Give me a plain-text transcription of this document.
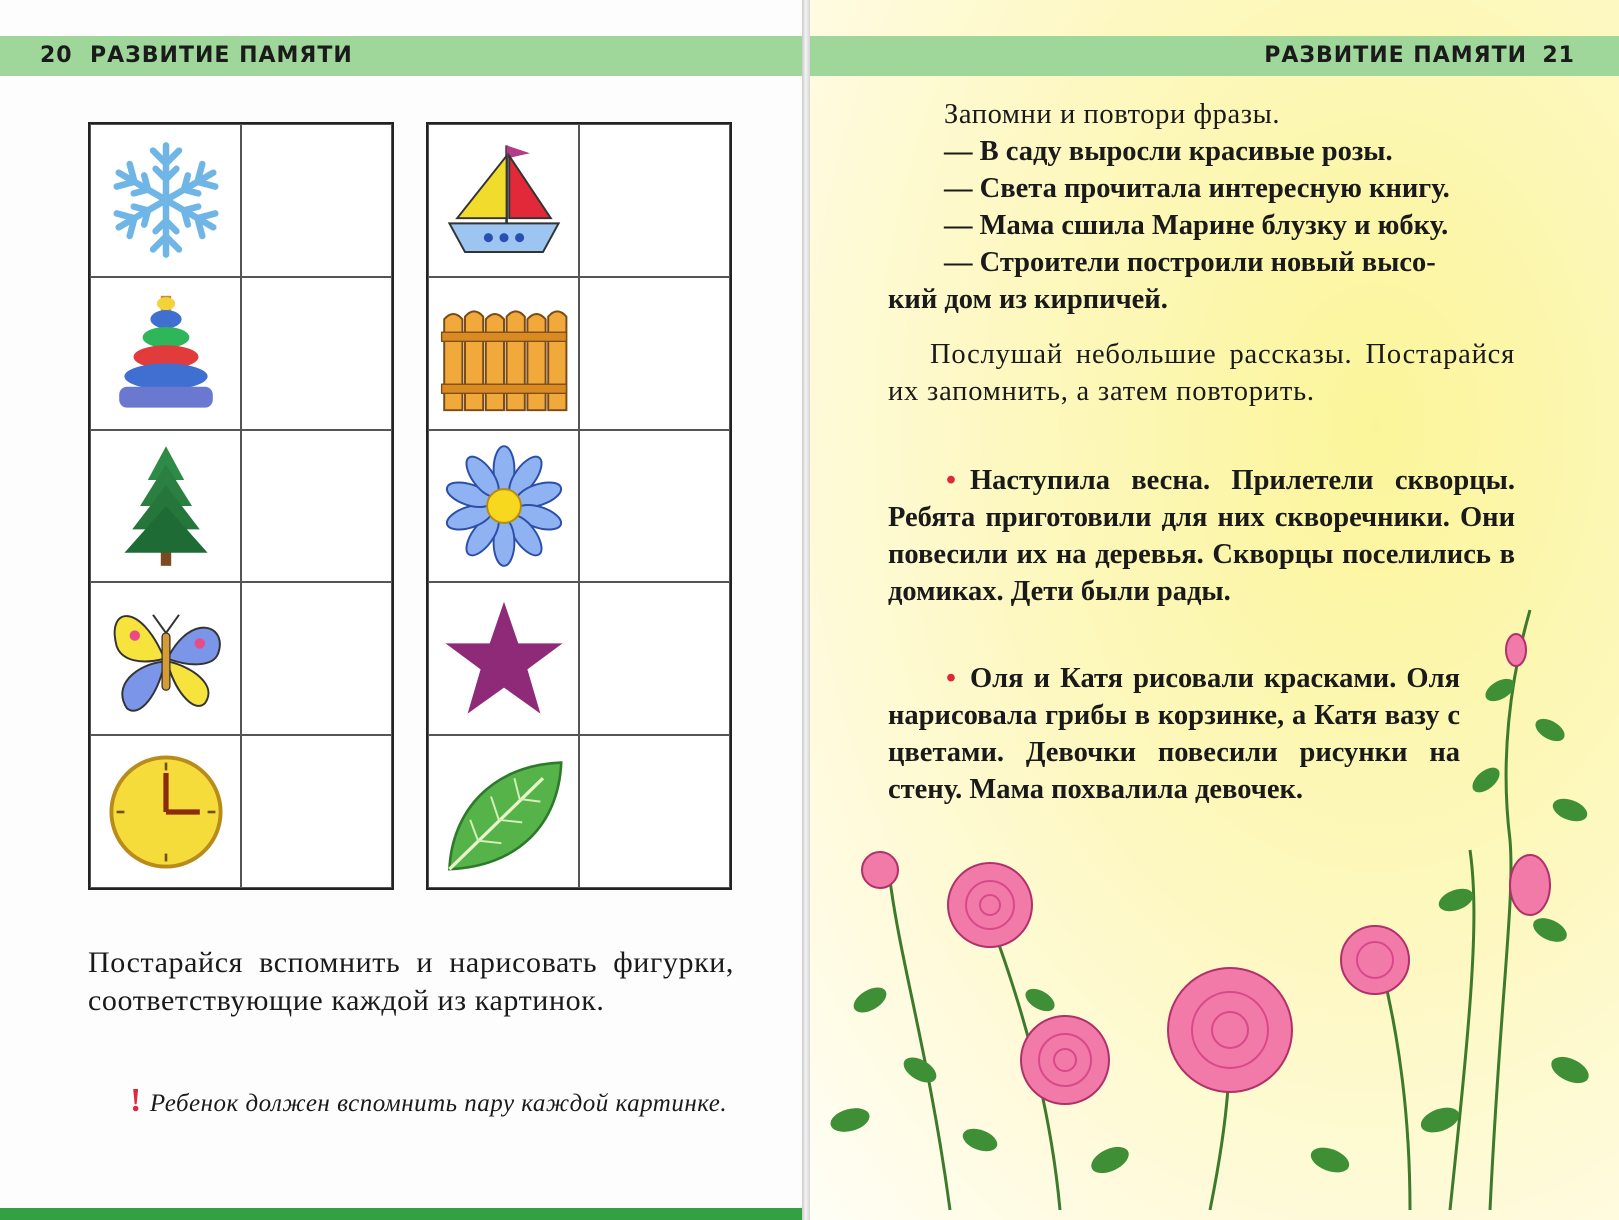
20 РАЗВИТИЕ ПАМЯТИ
Постарайся вспомнить и нарисовать фигурки, соответствующие каждой из картинок.
! Ребенок должен вспомнить пару каждой картинке.
РАЗВИТИЕ ПАМЯТИ 21
Запомни и повтори фразы.
— В саду выросли красивые розы.
— Света прочитала интересную книгу.
— Мама сшила Марине блузку и юбку.
— Строители построили новый высо-
кий дом из кирпичей.
Послушай небольшие рассказы. Постарайся их запомнить, а затем повторить.
• Наступила весна. Прилетели скворцы. Ребята приготовили для них скворечники. Они повесили их на деревья. Скворцы поселились в домиках. Дети были рады.
• Оля и Катя рисовали красками. Оля нарисовала грибы в корзинке, а Катя вазу с цветами. Девочки повесили рисунки на стену. Мама похвалила девочек.
